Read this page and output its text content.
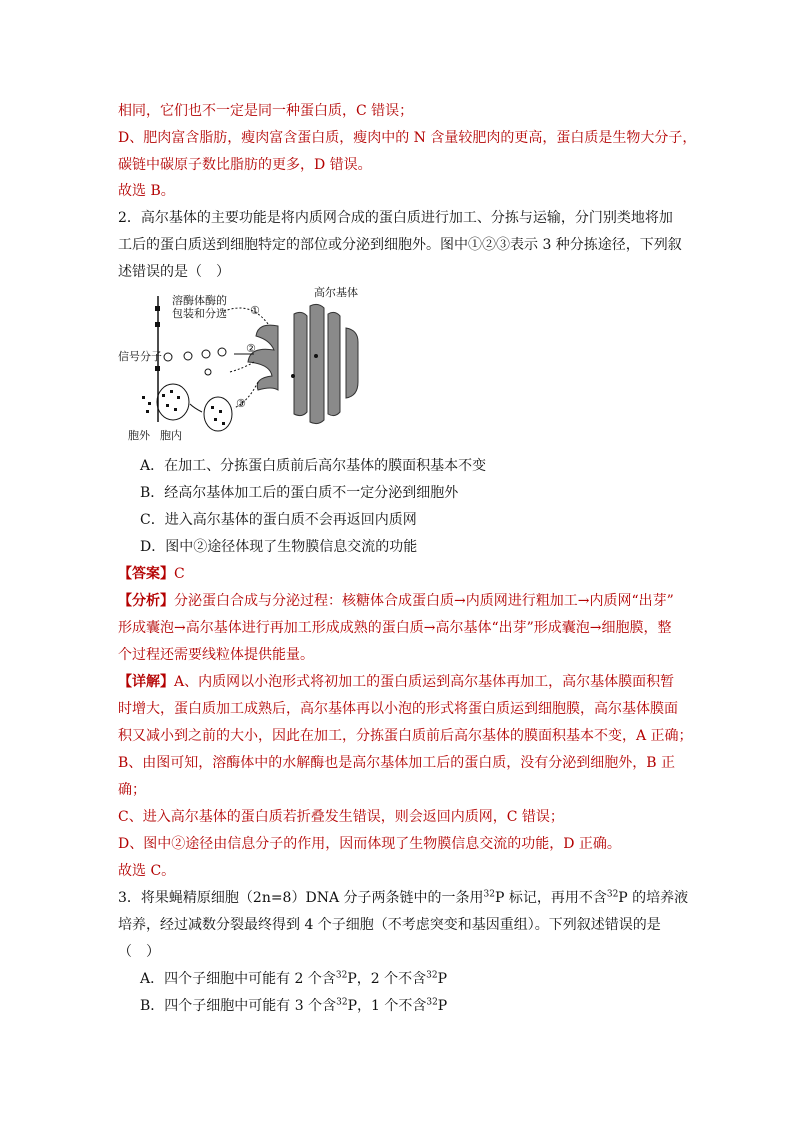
相同，它们也不一定是同一种蛋白质，C 错误；
D、肥肉富含脂肪，瘦肉富含蛋白质，瘦肉中的 N 含量较肥肉的更高，蛋白质是生物大分子，
碳链中碳原子数比脂肪的更多，D 错误。
故选 B。
2．高尔基体的主要功能是将内质网合成的蛋白质进行加工、分拣与运输，分门别类地将加
工后的蛋白质送到细胞特定的部位或分泌到细胞外。图中①②③表示 3 种分拣途径，下列叙
述错误的是（　）
溶酶体酶的
包装和分选 ①
②
③
高尔基体
信号分子
胞外 胞内
A．在加工、分拣蛋白质前后高尔基体的膜面积基本不变
B．经高尔基体加工后的蛋白质不一定分泌到细胞外
C．进入高尔基体的蛋白质不会再返回内质网
D．图中②途径体现了生物膜信息交流的功能
【答案】C
【分析】分泌蛋白合成与分泌过程：核糖体合成蛋白质→内质网进行粗加工→内质网“出芽”
形成囊泡→高尔基体进行再加工形成成熟的蛋白质→高尔基体“出芽”形成囊泡→细胞膜，整
个过程还需要线粒体提供能量。
【详解】A、内质网以小泡形式将初加工的蛋白质运到高尔基体再加工，高尔基体膜面积暂
时增大，蛋白质加工成熟后，高尔基体再以小泡的形式将蛋白质运到细胞膜，高尔基体膜面
积又减小到之前的大小，因此在加工，分拣蛋白质前后高尔基体的膜面积基本不变，A 正确；
B、由图可知，溶酶体中的水解酶也是高尔基体加工后的蛋白质，没有分泌到细胞外，B 正
确；
C、进入高尔基体的蛋白质若折叠发生错误，则会返回内质网，C 错误；
D、图中②途径由信息分子的作用，因而体现了生物膜信息交流的功能，D 正确。
故选 C。
3．将果蝇精原细胞（2n=8）DNA 分子两条链中的一条用$^{32}$P 标记，再用不含$^{32}$P 的培养液
培养，经过减数分裂最终得到 4 个子细胞（不考虑突变和基因重组）。下列叙述错误的是
（　）
A．四个子细胞中可能有 2 个含$^{32}$P，2 个不含$^{32}$P
B．四个子细胞中可能有 3 个含$^{32}$P，1 个不含$^{32}$P
